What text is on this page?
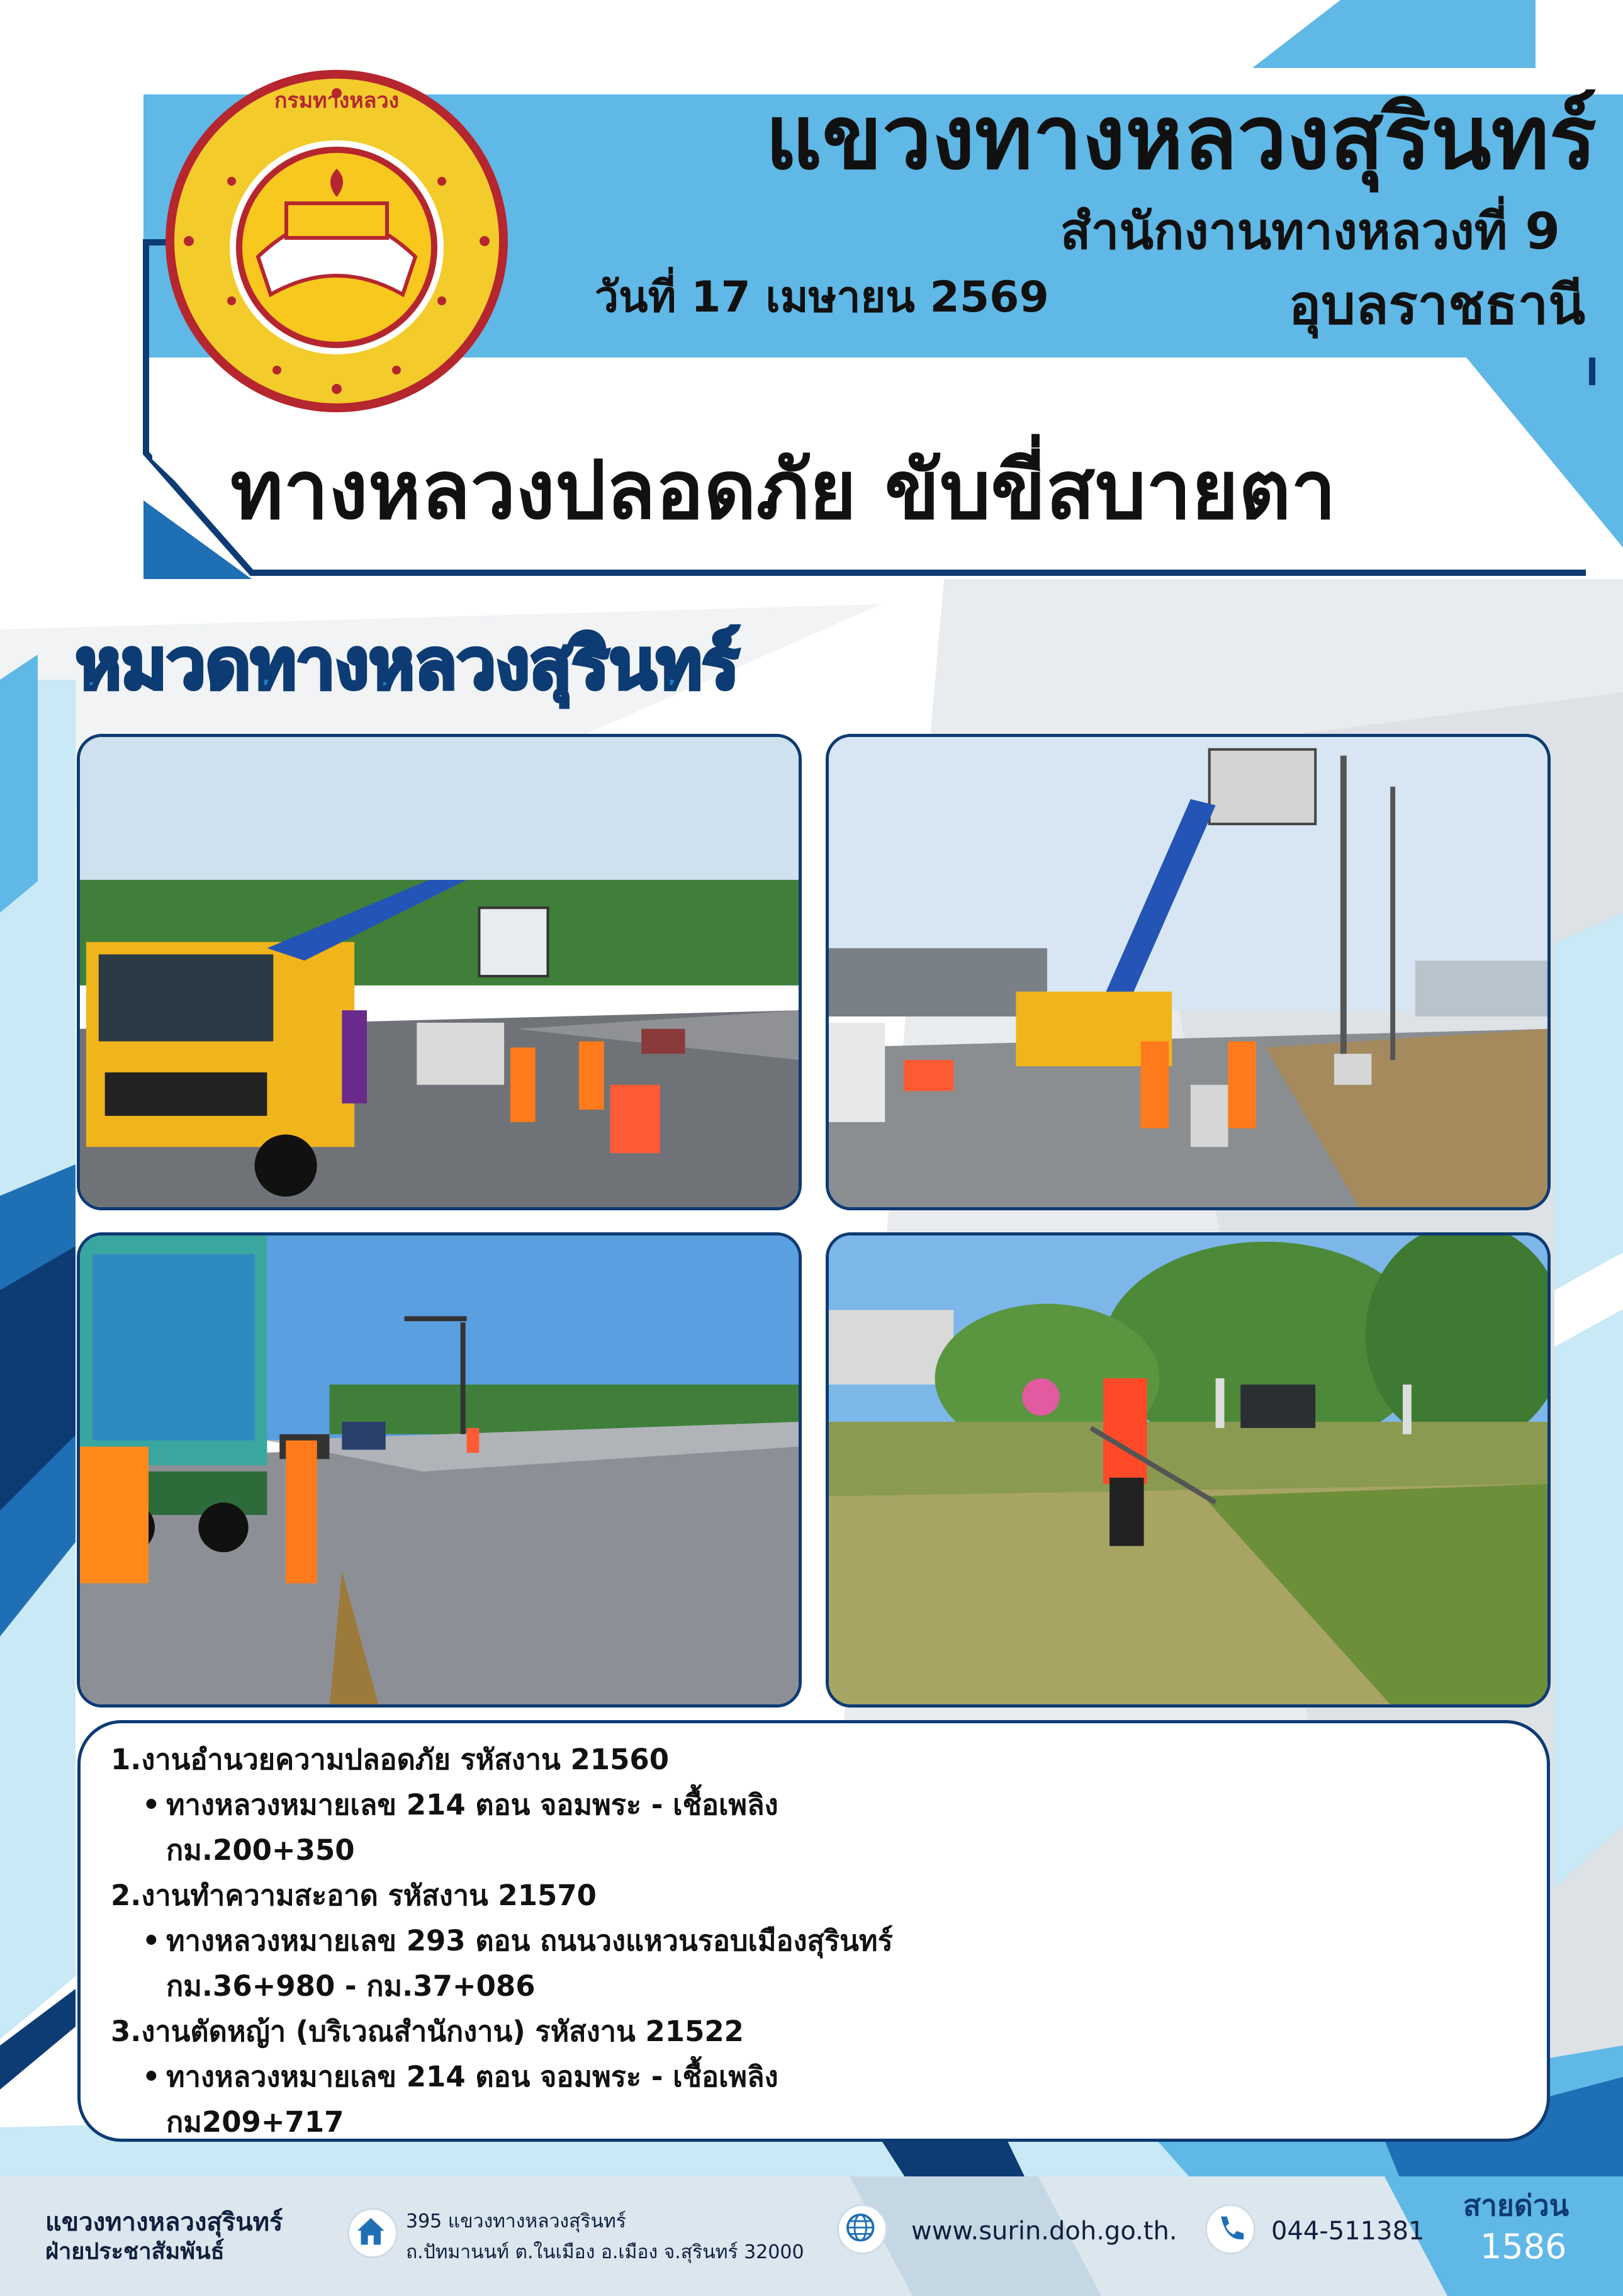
กรมทางหลวง	แขวงทางหลวงสุรินทร์
สำนักงานทางหลวงที่ 9
วันที่ 17 เมษายน 2569	อุบลราชธานี
ทางหลวงปลอดภัย ขับขี่สบายตา
หมวดทางหลวงสุรินทร์
1.งานอำนวยความปลอดภัย รหัสงาน 21560
• ทางหลวงหมายเลข 214 ตอน จอมพระ - เชื้อเพลิง
กม.200+350
2.งานทำความสะอาด รหัสงาน 21570
• ทางหลวงหมายเลข 293 ตอน ถนนวงแหวนรอบเมืองสุรินทร์
กม.36+980 - กม.37+086
3.งานตัดหญ้า (บริเวณสำนักงาน) รหัสงาน 21522
• ทางหลวงหมายเลข 214 ตอน จอมพระ - เชื้อเพลิง
กม209+717
แขวงทางหลวงสุรินทร์
ฝ่ายประชาสัมพันธ์
395 แขวงทางหลวงสุรินทร์
ถ.ปัทมานนท์ ต.ในเมือง อ.เมือง จ.สุรินทร์ 32000
www.surin.doh.go.th.	044-511381
สายด่วน
1586
